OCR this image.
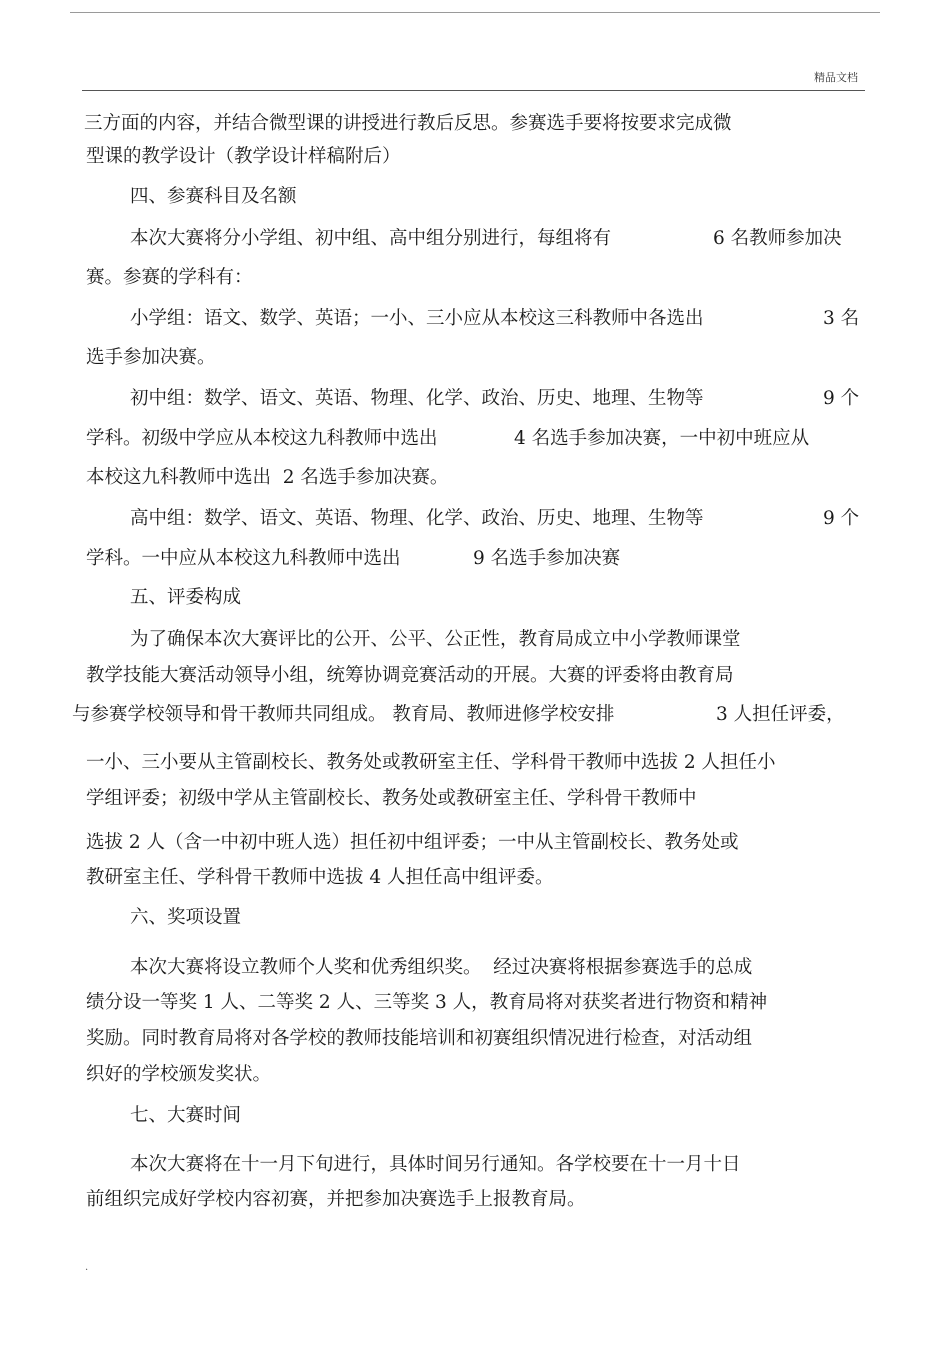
精品文档
三方面的内容，并结合微型课的讲授进行教后反思。参赛选手要将按要求完成微
型课的教学设计（教学设计样稿附后）
四、参赛科目及名额
本次大赛将分小学组、初中组、高中组分别进行，每组将有	6 名教师参加决
赛。参赛的学科有：
小学组：语文、数学、英语；一小、三小应从本校这三科教师中各选出	3 名
选手参加决赛。
初中组：数学、语文、英语、物理、化学、政治、历史、地理、生物等	9 个
学科。初级中学应从本校这九科教师中选出	4 名选手参加决赛，一中初中班应从
本校这九科教师中选出  2 名选手参加决赛。
高中组：数学、语文、英语、物理、化学、政治、历史、地理、生物等	9 个
学科。一中应从本校这九科教师中选出	9 名选手参加决赛
五、评委构成
为了确保本次大赛评比的公开、公平、公正性，教育局成立中小学教师课堂
教学技能大赛活动领导小组，统筹协调竞赛活动的开展。大赛的评委将由教育局
与参赛学校领导和骨干教师共同组成。 教育局、教师进修学校安排	3 人担任评委，
一小、三小要从主管副校长、教务处或教研室主任、学科骨干教师中选拔 2 人担任小
学组评委；初级中学从主管副校长、教务处或教研室主任、学科骨干教师中
选拔 2 人（含一中初中班人选）担任初中组评委；一中从主管副校长、教务处或
教研室主任、学科骨干教师中选拔 4 人担任高中组评委。
六、奖项设置
本次大赛将设立教师个人奖和优秀组织奖。  经过决赛将根据参赛选手的总成
绩分设一等奖 1 人、二等奖 2 人、三等奖 3 人，教育局将对获奖者进行物资和精神
奖励。同时教育局将对各学校的教师技能培训和初赛组织情况进行检查，对活动组
织好的学校颁发奖状。
七、大赛时间
本次大赛将在十一月下旬进行，具体时间另行通知。各学校要在十一月十日
前组织完成好学校内容初赛，并把参加决赛选手上报教育局。
.
